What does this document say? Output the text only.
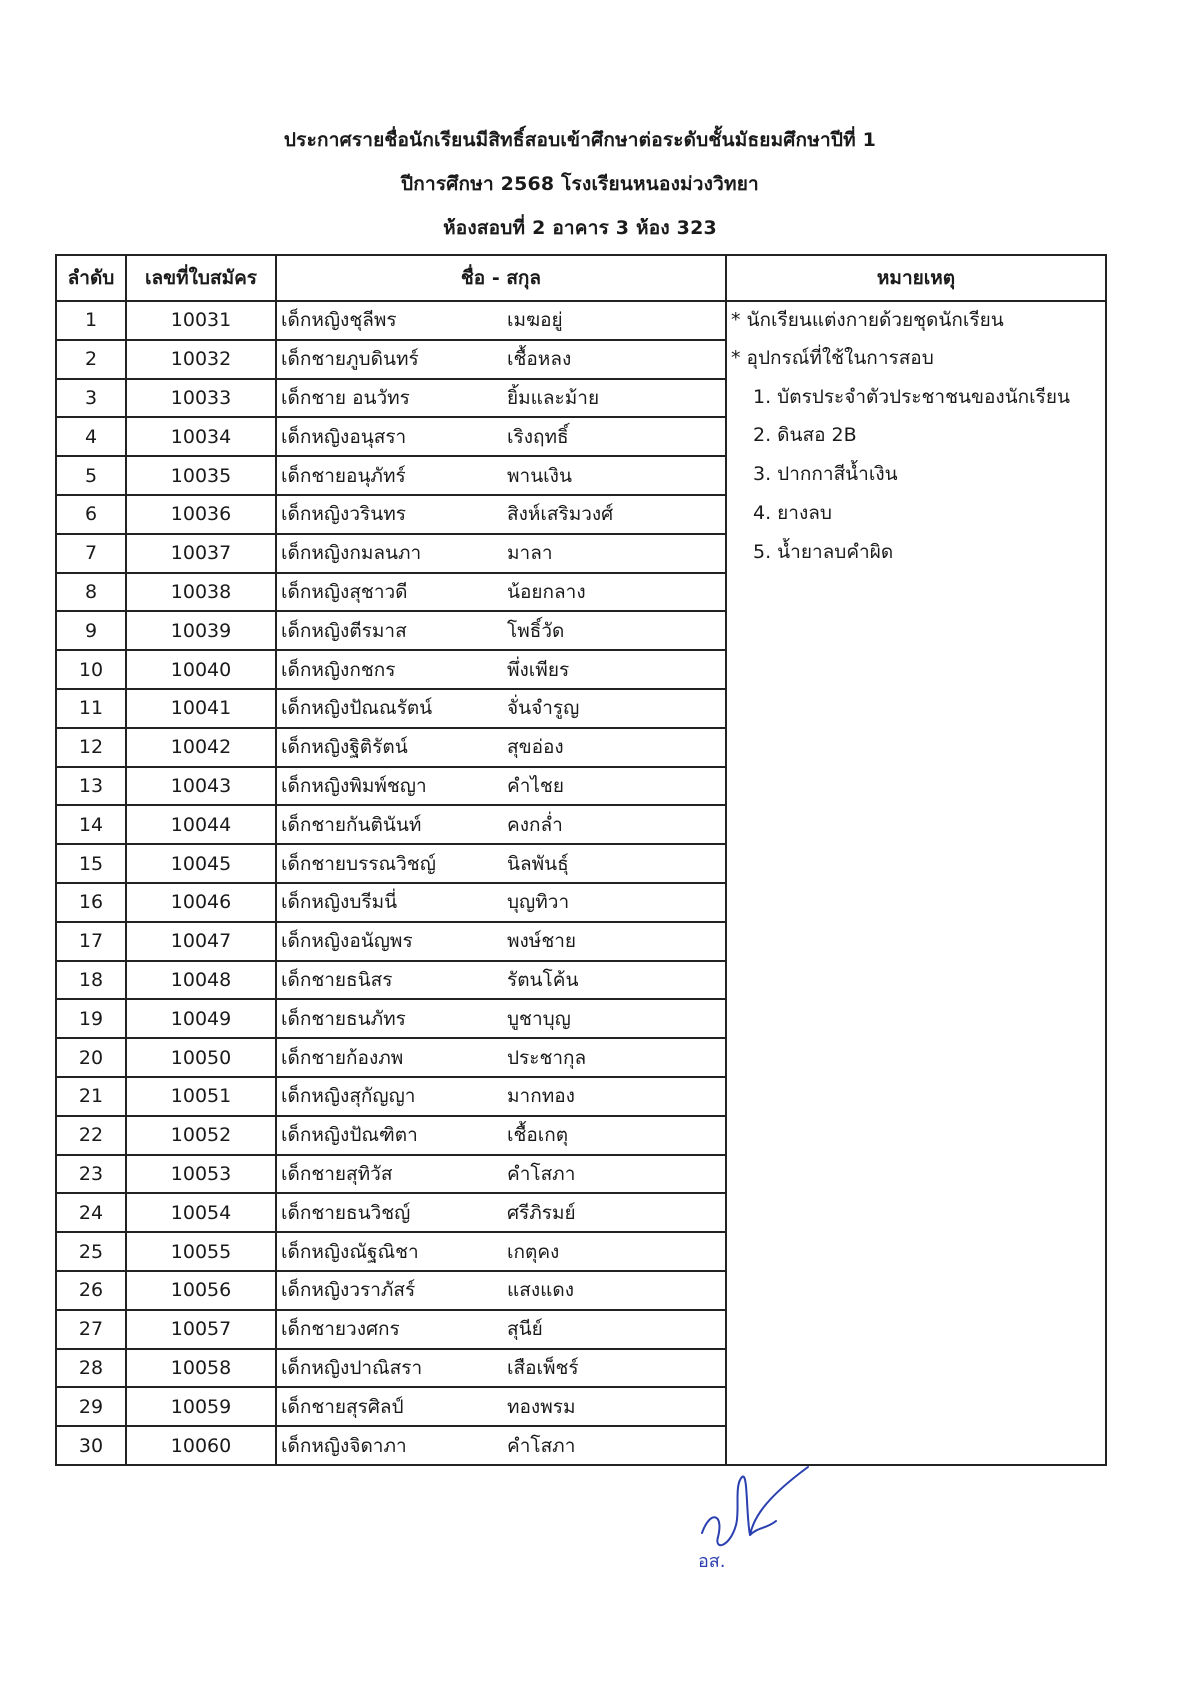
ประกาศรายชื่อนักเรียนมีสิทธิ์สอบเข้าศึกษาต่อระดับชั้นมัธยมศึกษาปีที่ 1
ปีการศึกษา 2568 โรงเรียนหนองม่วงวิทยา
ห้องสอบที่ 2 อาคาร 3 ห้อง 323
ลำดับ	เลขที่ใบสมัคร	ชื่อ - สกุล	หมายเหตุ
1	10031	เด็กหญิงชุลีพร เมฆอยู่	* นักเรียนแต่งกายด้วยชุดนักเรียน

2	10032	เด็กชายภูบดินทร์ เชื้อหลง	* อุปกรณ์ที่ใช้ในการสอบ

3	10033	เด็กชาย อนวัทร ยิ้มและม้าย	1. บัตรประจำตัวประชาชนของนักเรียน

4	10034	เด็กหญิงอนุสรา เริงฤทธิ์	2. ดินสอ 2B

5	10035	เด็กชายอนุภัทร์ พานเงิน	3. ปากกาสีน้ำเงิน

6	10036	เด็กหญิงวรินทร สิงห์เสริมวงศ์	4. ยางลบ

7	10037	เด็กหญิงกมลนภา มาลา	5. น้ำยาลบคำผิด

8	10038	เด็กหญิงสุชาวดี น้อยกลาง	
9	10039	เด็กหญิงตีรมาส โพธิ์วัด	
10	10040	เด็กหญิงกชกร พึ่งเพียร	
11	10041	เด็กหญิงปัณณรัตน์ จั่นจำรูญ	
12	10042	เด็กหญิงฐิติรัตน์ สุขอ่อง	
13	10043	เด็กหญิงพิมพ์ชญา คำไชย	
14	10044	เด็กชายกันตินันท์ คงกล่ำ	
15	10045	เด็กชายบรรณวิชญ์ นิลพันธุ์	
16	10046	เด็กหญิงบรีมนี่ บุญทิวา	
17	10047	เด็กหญิงอนัญพร พงษ์ชาย	
18	10048	เด็กชายธนิสร รัตนโค้น	
19	10049	เด็กชายธนภัทร บูชาบุญ	
20	10050	เด็กชายก้องภพ ประชากุล	
21	10051	เด็กหญิงสุกัญญา มากทอง	
22	10052	เด็กหญิงปัณฑิตา เชื้อเกตุ	
23	10053	เด็กชายสุทิวัส คำโสภา	
24	10054	เด็กชายธนวิชญ์ ศรีภิรมย์	
25	10055	เด็กหญิงณัฐณิชา เกตุคง	
26	10056	เด็กหญิงวราภัสร์ แสงแดง	
27	10057	เด็กชายวงศกร สุนีย์	
28	10058	เด็กหญิงปาณิสรา เสือเพ็ชร์	
29	10059	เด็กชายสุรศิลป์ ทองพรม	
30	10060	เด็กหญิงจิดาภา คำโสภา	
อส.
